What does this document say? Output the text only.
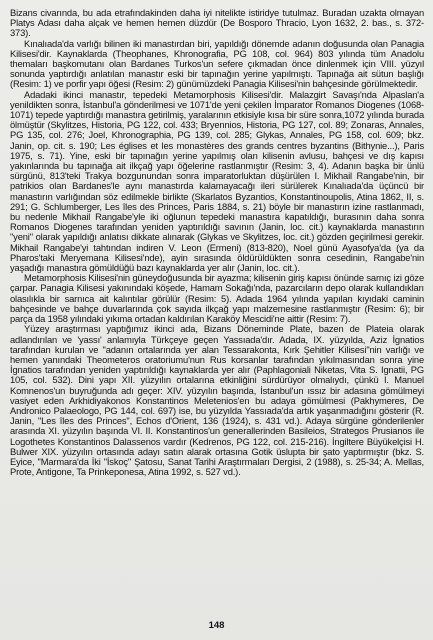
Bizans civarında, bu ada etrafındakinden daha iyi nitelikte istiridye tutulmaz. Buradan uzakta olmayan Platys Adası daha alçak ve hemen hemen düzdür (De Bosporo Thracio, Lyon 1632, 2. bas., s. 372-373).

Kınalıada'da varlığı bilinen iki manastırdan biri, yapıldığı dönemde adanın doğusunda olan Panagia Kilisesi'dir. Kaynaklarda (Theophanes, Khronografia, PG 108, col. 964) 803 yılında tüm Anadolu themaları başkomutanı olan Bardanes Turkos'un sefere çıkmadan önce dinlenmek için VIII. yüzyıl sonunda yaptırdığı anlatılan manastır eski bir tapınağın yerine yapılmıştı. Tapınağa ait sütun başlığı (Resim: 1) ve porfir yapı öğesi (Resim: 2) günümüzdeki Panagia Kilisesi'nin bahçesinde görülmektedir.

Adadaki ikinci manastır, tepedeki Metamorphosis Kilisesi'dir. Malazgirt Savaşı'nda Alpaslan'a yenildikten sonra, İstanbul'a gönderilmesi ve 1071'de yeni çekilen İmparator Romanos Diogenes (1068-1071) tepede yaptırdığı manastıra getirilmiş, yaralarının etkisiyle kısa bir süre sonra,1072 yılında burada ölmüştür (Skylitzes, Historia, PG 122, col. 433; Bryennios, Historia, PG 127, col. 89; Zonaras, Annales, PG 135, col. 276; Joel, Khronographia, PG 139, col. 285; Glykas, Annales, PG 158, col. 609; bkz. Janin, op. cit. s. 190; Les églises et les monastères des grands centres byzantins (Bithynie...), Paris 1975, s. 71). Yine, eski bir tapınağın yerine yapılmış olan kilisenin avlusu, bahçesi ve dış kapısı yakınlarında bu tapınağa ait ilkçağ yapı öğelerine rastlanmıştır (Resim: 3, 4). Adanın başka bir ünlü sürgünü, 813'teki Trakya bozgunundan sonra imparatorluktan düşürülen I. Mikhail Rangabe'nin, bir patrikios olan Bardanes'le aynı manastırda kalamayacağı ileri sürülerek Kınalıada'da üçüncü bir manastırın varlığından söz edilmekle birlikte (Skarlatos Byzantios, Konstantinoupolis, Atina 1862, II, s. 291; G. Schlumberger, Les îles des Princes, Paris 1884, s. 21) böyle bir manastırın izine rastlanmadı, bu nedenle Mikhail Rangabe'yle iki oğlunun tepedeki manastıra kapatıldığı, burasının daha sonra Romanos Diogenes tarafından yeniden yaptırıldığı savının (Janin, loc. cit.) kaynaklarda manastırın "yeni" olarak yapıldığı anlatısı dikkate alınarak (Glykas ve Skylitzes, loc. cit.) gözden geçirilmesi gerekir. Mikhail Rangabe'yi tahtından indiren V. Leon (Ermeni) (813-820), Noel günü Ayasofya'da (ya da Pharos'taki Meryemana Kilisesi'nde), ayin sırasında öldürüldükten sonra cesedinin, Rangabe'nin yaşadığı manastıra gömüldüğü bazı kaynaklarda yer alır (Janin, loc. cit.).

Metamorphosis Kilisesi'nin güneydoğusunda bir ayazma; kilisenin giriş kapısı önünde sarnıç izi göze çarpar. Panagia Kilisesi yakınındaki köşede, Hamam Sokağı'nda, pazarcıların depo olarak kullandıkları olasılıkla bir sarnıca ait kalıntılar görülür (Resim: 5). Adada 1964 yılında yapılan kıyıdaki caminin bahçesinde ve bahçe duvarlarında çok sayıda ilkçağ yapı malzemesine rastlanmıştır (Resim: 6); bir parça da 1958 yılındaki yıkıma ortadan kaldırılan Karaköy Mescidi'ne aittir (Resim: 7).

Yüzey araştırması yaptığımız ikinci ada, Bizans Döneminde Plate, bazen de Plateia olarak adlandırılan ve 'yassı' anlamıyla Türkçeye geçen Yassıada'dır. Adada, IX. yüzyılda, Aziz İgnatios tarafından kurulan ve "adanın ortalarında yer alan Tessarakonta, Kırk Şehitler Kilisesi"nin varlığı ve hemen yanındaki Theometeros oratoriumu'nun Rus korsanlar tarafından yıkılmasından sonra yine İgnatios tarafından yeniden yaptırıldığı kaynaklarda yer alır (Paphlagoniali Niketas, Vita S. Ignatii, PG 105, col. 532). Dini yapı XII. yüzyılın ortalarına etkinliğini sürdürüyor olmalıydı, çünkü I. Manuel Komnenos'un buyruğunda adı geçer: XIV. yüzyılın başında, İstanbul'un ıssız bir adasına gömülmeyi vasiyet eden Arkhidiyakonos Konstantinos Meletenios'en bu adaya gömülmesi (Pakhymeres, De Andronico Palaeologo, PG 144, col. 697) ise, bu yüzyılda Yassıada'da artık yaşanmadığını gösterir (R. Janin, "Les îles des Princes", Echos d'Orient, 136 (1924), s. 431 vd.). Adaya sürgüne gönderilenler arasında XI. yüzyılın başında VI. II. Konstantinos'un generallerinden Basileios, Strategos Prusianos ile Logothetes Konstantinos Dalassenos vardır (Kedrenos, PG 122, col. 215-216). İngiltere Büyükelçisi H. Bulwer XIX. yüzyılın ortasında adayı satın alarak ortasına Gotik üslupta bir şato yaptırmıştır (bkz. S. Eyice, "Marmara'da İki "İskoç" Şatosu, Sanat Tarihi Araştırmaları Dergisi, 2 (1988), s. 25-34; A. Mellas, Prote, Antigone, Ta Prinkeponesa, Atina 1992, s. 527 vd.).

148
